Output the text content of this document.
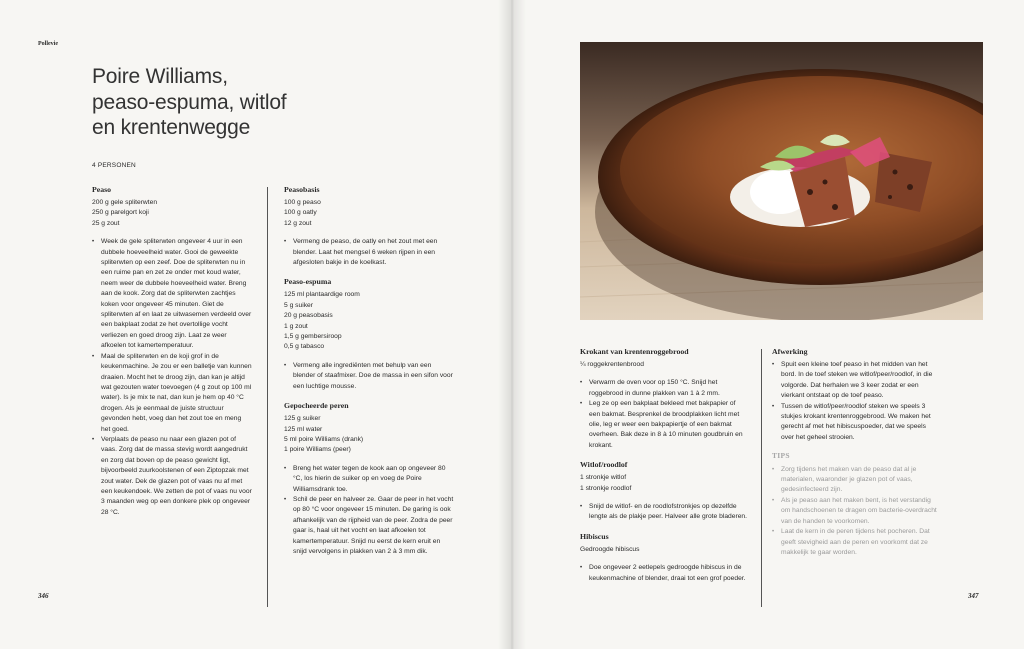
Pollevie
Poire Williams,
peaso-espuma, witlof
en krentenwegge
4 PERSONEN
Peaso
200 g gele spliterwten
250 g parelgort koji
25 g zout
• Week de gele spliterwten ongeveer 4 uur in een dubbele hoeveelheid water. Gooi de geweekte spliterwten op een zeef. Doe de spliterwten nu in een ruime pan en zet ze onder met koud water, neem weer de dubbele hoeveelheid water. Breng aan de kook. Zorg dat de spliterwten zachtjes koken voor ongeveer 45 minuten. Giet de spliterwten af en laat ze uitwasemen verdeeld over een bakplaat zodat ze het overtollige vocht verliezen en goed droog zijn. Laat ze weer afkoelen tot kamertemperatuur.
• Maal de spliterwten en de koji grof in de keukenmachine. Je zou er een balletje van kunnen draaien. Mocht het te droog zijn, dan kan je altijd wat gezouten water toevoegen (4 g zout op 100 ml water). Is je mix te nat, dan kun je hem op 40 °C drogen. Als je eenmaal de juiste structuur gevonden hebt, voeg dan het zout toe en meng het goed.
• Verplaats de peaso nu naar een glazen pot of vaas. Zorg dat de massa stevig wordt aangedrukt en zorg dat boven op de peaso gewicht ligt, bijvoorbeeld zuurkoolstenen of een Ziptopzak met zout water. Dek de glazen pot of vaas nu af met een keukendoek. We zetten de pot of vaas nu voor 3 maanden weg op een donkere plek op ongeveer 28 °C.
Peasobasis
100 g peaso
100 g oatly
12 g zout
• Vermeng de peaso, de oatly en het zout met een blender. Laat het mengsel 6 weken rijpen in een afgesloten bakje in de koelkast.
Peaso-espuma
125 ml plantaardige room
5 g suiker
20 g peasobasis
1 g zout
1,5 g gembersiroop
0,5 g tabasco
• Vermeng alle ingrediënten met behulp van een blender of staafmixer. Doe de massa in een sifon voor een luchtige mousse.
Gepocheerde peren
125 g suiker
125 ml water
5 ml poire Williams (drank)
1 poire Williams (peer)
• Breng het water tegen de kook aan op ongeveer 80 °C, los hierin de suiker op en voeg de Poire Williamsdrank toe.
• Schil de peer en halveer ze. Gaar de peer in het vocht op 80 °C voor ongeveer 15 minuten. De garing is ook afhankelijk van de rijpheid van de peer. Zodra de peer gaar is, haal uit het vocht en laat afkoelen tot kamertemperatuur. Snijd nu eerst de kern eruit en snijd vervolgens in plakken van 2 à 3 mm dik.
346
Krokant van krentenroggebrood
¼ roggekrentenbrood
• Verwarm de oven voor op 150 °C. Snijd het roggebrood in dunne plakken van 1 à 2 mm.
• Leg ze op een bakplaat bekleed met bakpapier of een bakmat. Besprenkel de broodplakken licht met olie, leg er weer een bakpapiertje of een bakmat overheen. Bak deze in 8 à 10 minuten goudbruin en krokant.
Witlof/roodlof
1 stronkje witlof
1 stronkje roodlof
• Snijd de witlof- en de roodlofstronkjes op dezelfde lengte als de plakje peer. Halveer alle grote bladeren.
Hibiscus
Gedroogde hibiscus
• Doe ongeveer 2 eetlepels gedroogde hibiscus in de keukenmachine of blender, draai tot een grof poeder.
Afwerking
• Spuit een kleine toef peaso in het midden van het bord. In de toef steken we witlof/peer/roodlof, in die volgorde. Dat herhalen we 3 keer zodat er een vierkant ontstaat op de toef peaso.
• Tussen de witlof/peer/roodlof steken we speels 3 stukjes krokant krentenroggebrood. We maken het gerecht af met het hibiscuspoeder, dat we speels over het geheel strooien.
TIPS
• Zorg tijdens het maken van de peaso dat al je materialen, waaronder je glazen pot of vaas, gedesinfecteerd zijn.
• Als je peaso aan het maken bent, is het verstandig om handschoenen te dragen om bacterie-overdracht van de handen te voorkomen.
• Laat de kern in de peren tijdens het pocheren. Dat geeft stevigheid aan de peren en voorkomt dat ze makkelijk te gaar worden.
347
